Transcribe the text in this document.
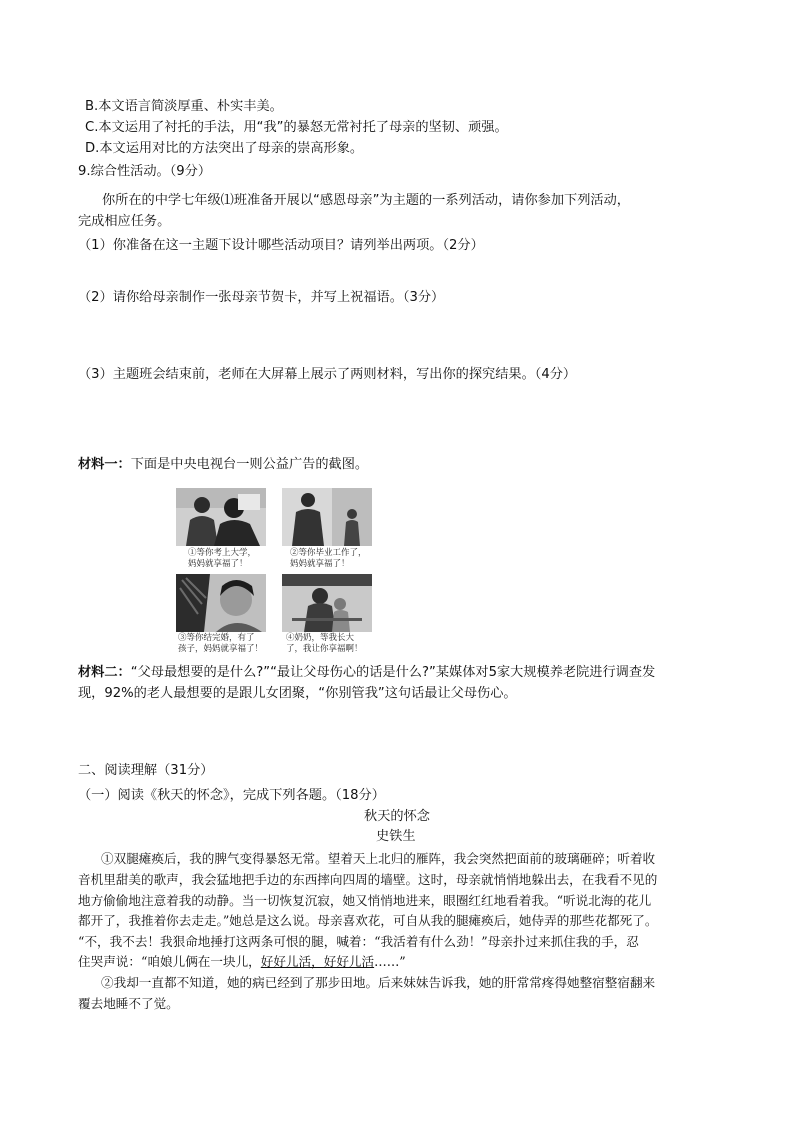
B.本文语言简淡厚重、朴实丰美。
C.本文运用了衬托的手法，用“我”的暴怒无常衬托了母亲的坚韧、顽强。
D.本文运用对比的方法突出了母亲的崇高形象。
9.综合性活动。（9分）
你所在的中学七年级⑴班准备开展以“感恩母亲”为主题的一系列活动，请你参加下列活动，
完成相应任务。
（1）你准备在这一主题下设计哪些活动项目？请列举出两项。（2分）
（2）请你给母亲制作一张母亲节贺卡，并写上祝福语。（3分）
（3）主题班会结束前，老师在大屏幕上展示了两则材料，写出你的探究结果。（4分）
材料一：下面是中央电视台一则公益广告的截图。
①等你考上大学，
妈妈就享福了！
②等你毕业工作了，
妈妈就享福了！
③等你结完婚，有了
孩子，妈妈就享福了！
④奶奶，等我长大
了，我让你享福啊！
材料二：“父母最想要的是什么?”“最让父母伤心的话是什么?”某媒体对5家大规模养老院进行调查发
现，92%的老人最想要的是跟儿女团聚，“你别管我”这句话最让父母伤心。
二、阅读理解（31分）
（一）阅读《秋天的怀念》，完成下列各题。（18分）
秋天的怀念
史铁生
①双腿瘫痪后，我的脾气变得暴怒无常。望着天上北归的雁阵，我会突然把面前的玻璃砸碎；听着收
音机里甜美的歌声，我会猛地把手边的东西摔向四周的墙壁。这时，母亲就悄悄地躲出去，在我看不见的
地方偷偷地注意着我的动静。当一切恢复沉寂，她又悄悄地进来，眼圈红红地看着我。“听说北海的花儿
都开了，我推着你去走走。”她总是这么说。母亲喜欢花，可自从我的腿瘫痪后，她侍弄的那些花都死了。
“不，我不去！我狠命地捶打这两条可恨的腿，喊着：“我活着有什么劲！”母亲扑过来抓住我的手，忍
住哭声说：“咱娘儿俩在一块儿，好好儿活，好好儿活……”
②我却一直都不知道，她的病已经到了那步田地。后来妹妹告诉我，她的肝常常疼得她整宿整宿翻来
覆去地睡不了觉。
